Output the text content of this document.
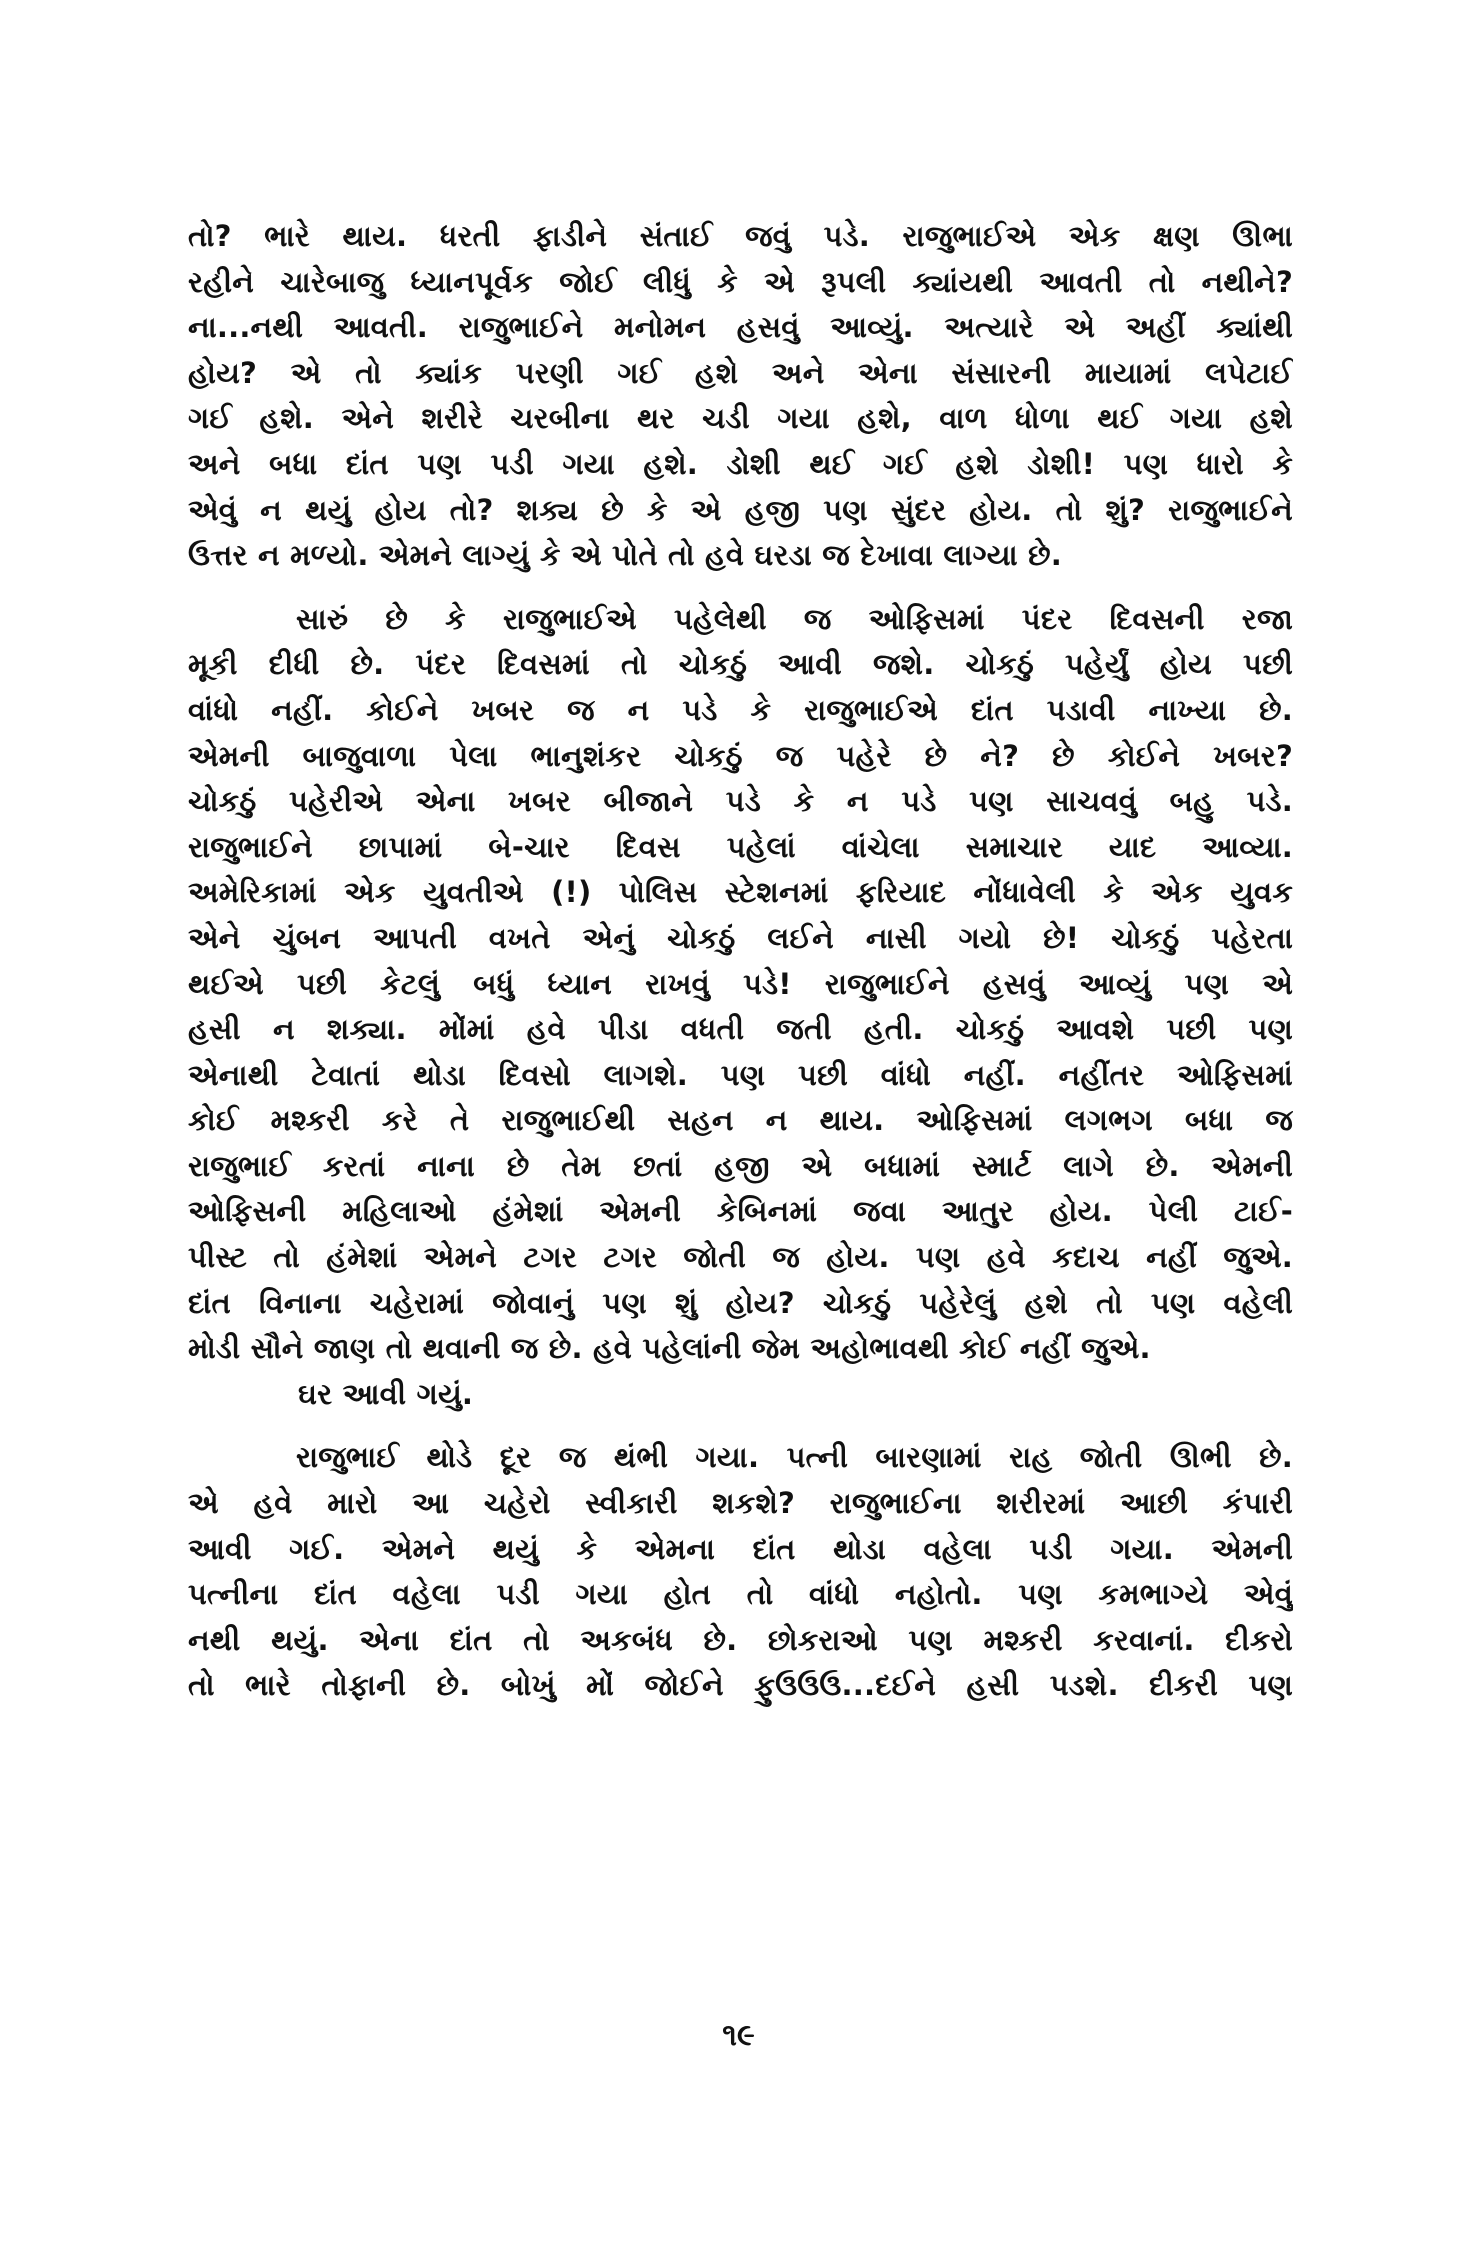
તો? ભારે થાય. ધરતી ફાડીને સંતાઈ જવું પડે. રાજુભાઈએ એક ક્ષણ ઊભા
રહીને ચારેબાજુ ધ્યાનપૂર્વક જોઈ લીધું કે એ રૂપલી ક્યાંયથી આવતી તો નથીને?
ના...નથી આવતી. રાજુભાઈને મનોમન હસવું આવ્યું. અત્યારે એ અહીં ક્યાંથી
હોય? એ તો ક્યાંક પરણી ગઈ હશે અને એના સંસારની માયામાં લપેટાઈ
ગઈ હશે. એને શરીરે ચરબીના થર ચડી ગયા હશે, વાળ ધોળા થઈ ગયા હશે
અને બધા દાંત પણ પડી ગયા હશે. ડોશી થઈ ગઈ હશે ડોશી! પણ ધારો કે
એવું ન થયું હોય તો? શક્ય છે કે એ હજી પણ સુંદર હોય. તો શું? રાજુભાઈને
ઉત્તર ન મળ્યો. એમને લાગ્યું કે એ પોતે તો હવે ઘરડા જ દેખાવા લાગ્યા છે.
સારું છે કે રાજુભાઈએ પહેલેથી જ ઓફિસમાં પંદર દિવસની રજા
મૂકી દીધી છે. પંદર દિવસમાં તો ચોકઠું આવી જશે. ચોકઠું પહેર્યું હોય પછી
વાંધો નહીં. કોઈને ખબર જ ન પડે કે રાજુભાઈએ દાંત પડાવી નાખ્યા છે.
એમની બાજુવાળા પેલા ભાનુશંકર ચોકઠું જ પહેરે છે ને? છે કોઈને ખબર?
ચોકઠું પહેરીએ એના ખબર બીજાને પડે કે ન પડે પણ સાચવવું બહુ પડે.
રાજુભાઈને છાપામાં બે-ચાર દિવસ પહેલાં વાંચેલા સમાચાર યાદ આવ્યા.
અમેરિકામાં એક યુવતીએ (!) પોલિસ સ્ટેશનમાં ફરિયાદ નોંધાવેલી કે એક યુવક
એને ચુંબન આપતી વખતે એનું ચોકઠું લઈને નાસી ગયો છે! ચોકઠું પહેરતા
થઈએ પછી કેટલું બધું ધ્યાન રાખવું પડે! રાજુભાઈને હસવું આવ્યું પણ એ
હસી ન શક્યા. મોંમાં હવે પીડા વધતી જતી હતી. ચોકઠું આવશે પછી પણ
એનાથી ટેવાતાં થોડા દિવસો લાગશે. પણ પછી વાંધો નહીં. નહીંતર ઓફિસમાં
કોઈ મશ્કરી કરે તે રાજુભાઈથી સહન ન થાય. ઓફિસમાં લગભગ બધા જ
રાજુભાઈ કરતાં નાના છે તેમ છતાં હજી એ બધામાં સ્માર્ટ લાગે છે. એમની
ઓફિસની મહિલાઓ હંમેશાં એમની કેબિનમાં જવા આતુર હોય. પેલી ટાઈ-
પીસ્ટ તો હંમેશાં એમને ટગર ટગર જોતી જ હોય. પણ હવે કદાચ નહીં જુએ.
દાંત વિનાના ચહેરામાં જોવાનું પણ શું હોય? ચોકઠું પહેરેલું હશે તો પણ વહેલી
મોડી સૌને જાણ તો થવાની જ છે. હવે પહેલાંની જેમ અહોભાવથી કોઈ નહીં જુએ.
ઘર આવી ગયું.
રાજુભાઈ થોડે દૂર જ થંભી ગયા. પત્ની બારણામાં રાહ જોતી ઊભી છે.
એ હવે મારો આ ચહેરો સ્વીકારી શકશે? રાજુભાઈના શરીરમાં આછી કંપારી
આવી ગઈ. એમને થયું કે એમના દાંત થોડા વહેલા પડી ગયા. એમની
પત્નીના દાંત વહેલા પડી ગયા હોત તો વાંધો નહોતો. પણ કમભાગ્યે એવું
નથી થયું. એના દાંત તો અકબંધ છે. છોકરાઓ પણ મશ્કરી કરવાનાં. દીકરો
તો ભારે તોફાની છે. બોખું મોં જોઈને ફુઉઉઉ...દઈને હસી પડશે. દીકરી પણ
૧૯
